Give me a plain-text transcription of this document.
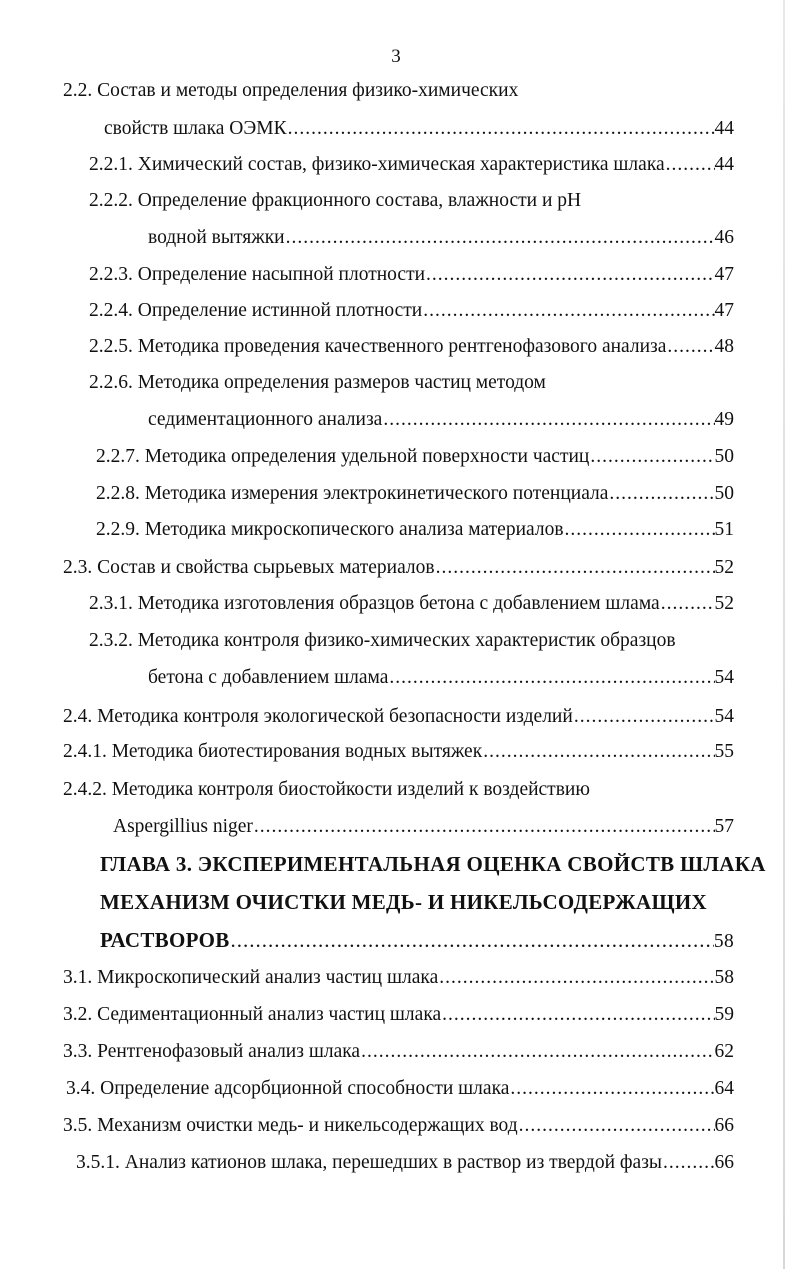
3
2.2. Состав и методы определения физико-химических
свойств шлака ОЭМК .....	44
2.2.1. Химический состав, физико-химическая характеристика шлака .....	44
2.2.2. Определение фракционного состава, влажности и pH
водной вытяжки .....	46
2.2.3. Определение насыпной плотности .....	47
2.2.4. Определение истинной плотности .....	47
2.2.5. Методика проведения качественного рентгенофазового анализа ..... 48
2.2.6. Методика определения размеров частиц методом
седиментационного анализа .....	49
2.2.7. Методика определения удельной поверхности частиц .....	50
2.2.8. Методика измерения электрокинетического потенциала .....	50
2.2.9. Методика микроскопического анализа материалов .....	51
2.3. Состав и свойства сырьевых материалов .....	52
2.3.1. Методика изготовления образцов бетона с добавлением шлама .....	52
2.3.2. Методика контроля физико-химических характеристик образцов
бетона с добавлением шлама .....	54
2.4. Методика контроля экологической безопасности изделий .....	54
2.4.1. Методика биотестирования водных вытяжек .....	55
2.4.2. Методика контроля биостойкости изделий к воздействию
Aspergillius niger .....	57
ГЛАВА 3. ЭКСПЕРИМЕНТАЛЬНАЯ ОЦЕНКА СВОЙСТВ ШЛАКА
МЕХАНИЗМ ОЧИСТКИ МЕДЬ- И НИКЕЛЬСОДЕРЖАЩИХ
РАСТВОРОВ .....	58
3.1. Микроскопический анализ частиц шлака .....	58
3.2. Седиментационный анализ частиц шлака .....	59
3.3. Рентгенофазовый анализ шлака .....	62
3.4. Определение адсорбционной способности шлака .....	64
3.5. Механизм очистки медь- и никельсодержащих вод .....	66
3.5.1. Анализ катионов шлака, перешедших в раствор из твердой фазы .....	66
